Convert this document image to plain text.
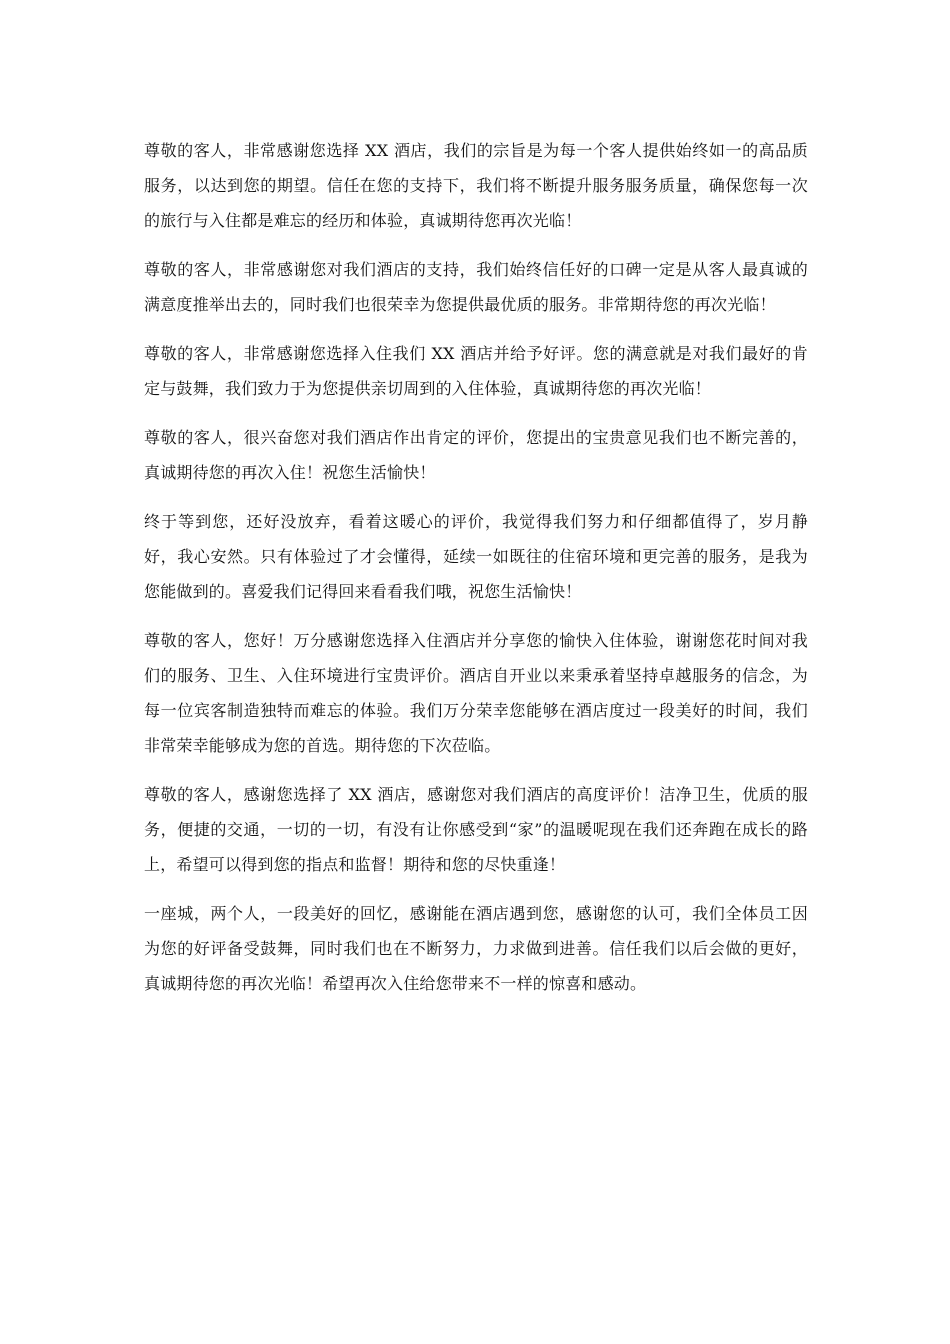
尊敬的客人，非常感谢您选择 XX 酒店，我们的宗旨是为每一个客人提供始终如一的高品质服务，以达到您的期望。信任在您的支持下，我们将不断提升服务服务质量，确保您每一次的旅行与入住都是难忘的经历和体验，真诚期待您再次光临！

尊敬的客人，非常感谢您对我们酒店的支持，我们始终信任好的口碑一定是从客人最真诚的满意度推举出去的，同时我们也很荣幸为您提供最优质的服务。非常期待您的再次光临！

尊敬的客人，非常感谢您选择入住我们 XX 酒店并给予好评。您的满意就是对我们最好的肯定与鼓舞，我们致力于为您提供亲切周到的入住体验，真诚期待您的再次光临！

尊敬的客人，很兴奋您对我们酒店作出肯定的评价，您提出的宝贵意见我们也不断完善的，真诚期待您的再次入住！祝您生活愉快！

终于等到您，还好没放弃，看着这暖心的评价，我觉得我们努力和仔细都值得了，岁月静好，我心安然。只有体验过了才会懂得，延续一如既往的住宿环境和更完善的服务，是我为您能做到的。喜爱我们记得回来看看我们哦，祝您生活愉快！

尊敬的客人，您好！万分感谢您选择入住酒店并分享您的愉快入住体验，谢谢您花时间对我们的服务、卫生、入住环境进行宝贵评价。酒店自开业以来秉承着坚持卓越服务的信念，为每一位宾客制造独特而难忘的体验。我们万分荣幸您能够在酒店度过一段美好的时间，我们非常荣幸能够成为您的首选。期待您的下次莅临。

尊敬的客人，感谢您选择了 XX 酒店，感谢您对我们酒店的高度评价！洁净卫生，优质的服务，便捷的交通，一切的一切，有没有让你感受到“家”的温暖呢现在我们还奔跑在成长的路上，希望可以得到您的指点和监督！期待和您的尽快重逢！

一座城，两个人，一段美好的回忆，感谢能在酒店遇到您，感谢您的认可，我们全体员工因为您的好评备受鼓舞，同时我们也在不断努力，力求做到进善。信任我们以后会做的更好，真诚期待您的再次光临！希望再次入住给您带来不一样的惊喜和感动。
